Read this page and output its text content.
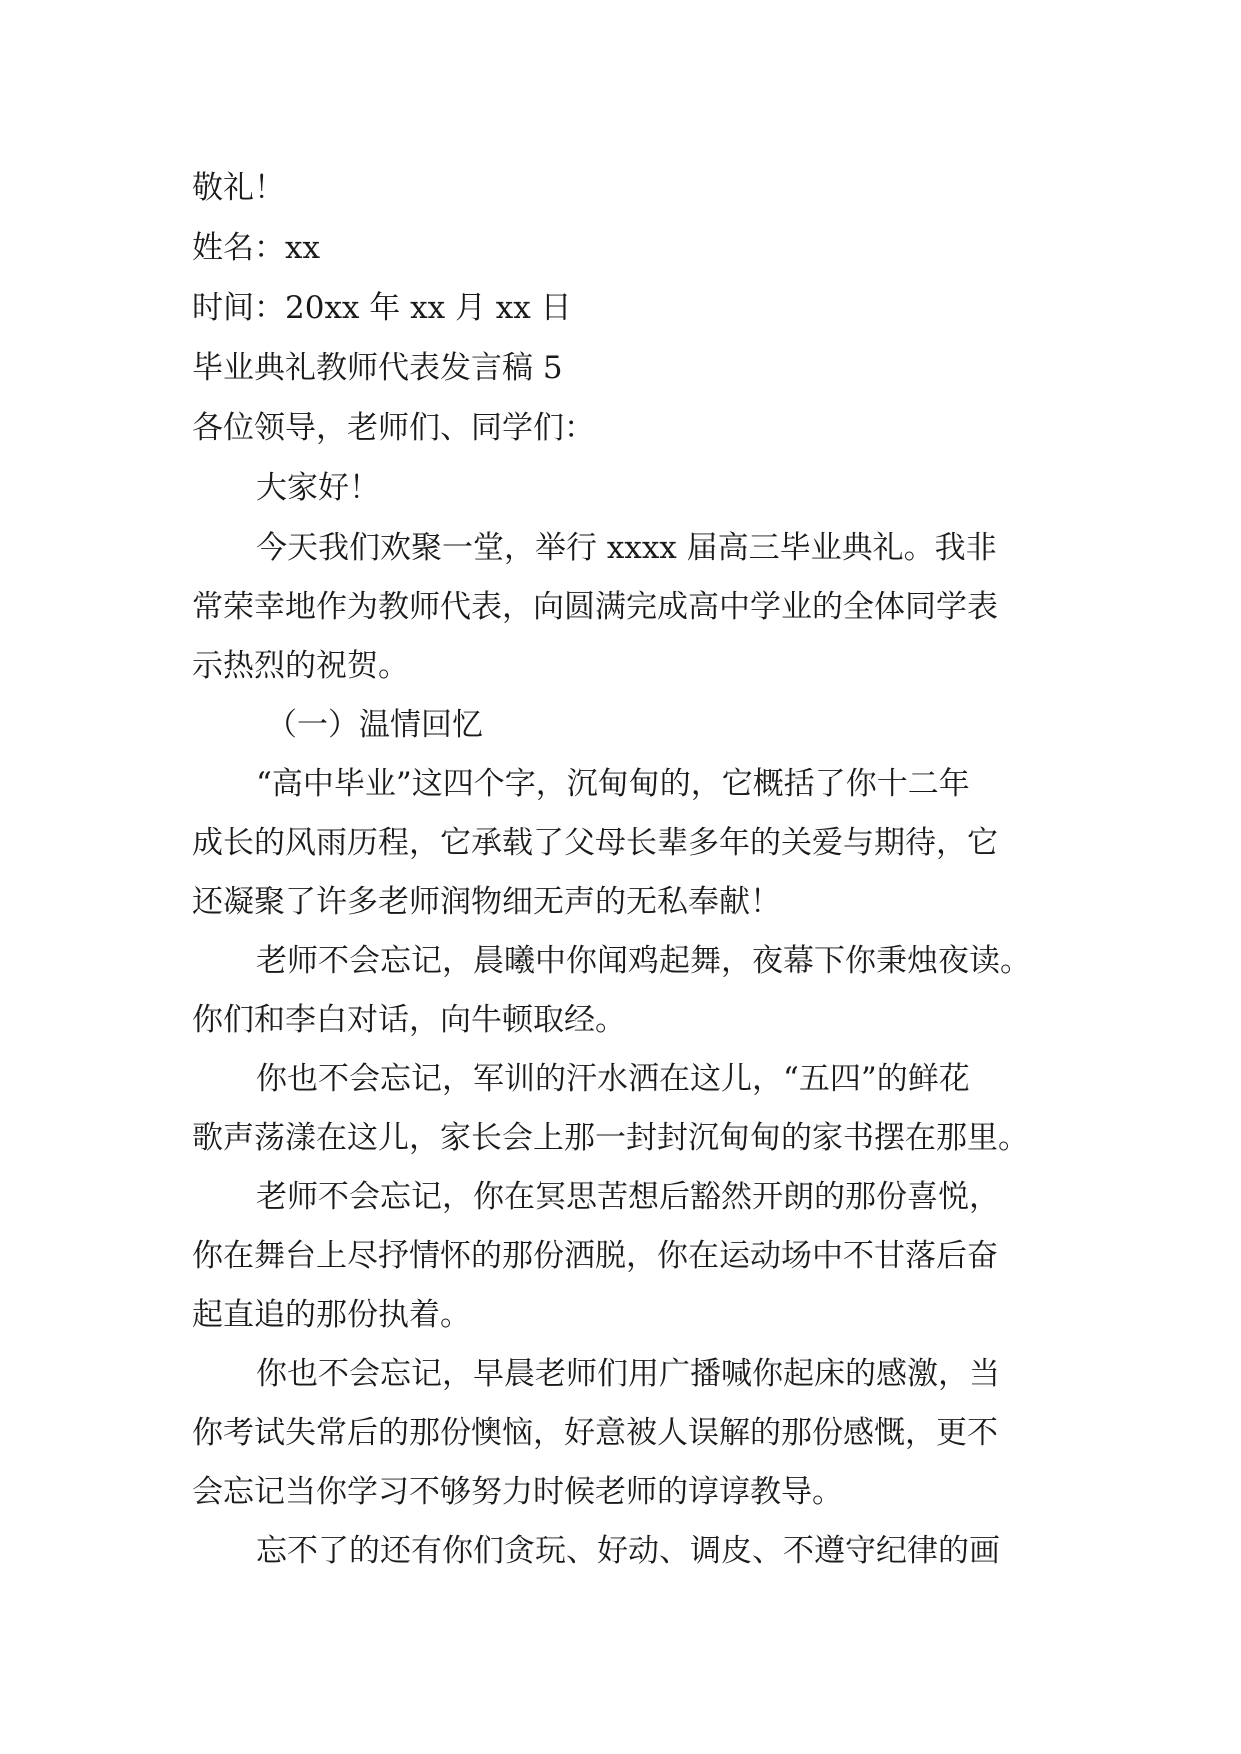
敬礼！
姓名：xx
时间：20xx 年 xx 月 xx 日
毕业典礼教师代表发言稿 5
各位领导，老师们、同学们：
大家好！
今天我们欢聚一堂，举行 xxxx 届高三毕业典礼。我非
常荣幸地作为教师代表，向圆满完成高中学业的全体同学表
示热烈的祝贺。
（一）温情回忆
“高中毕业”这四个字，沉甸甸的，它概括了你十二年
成长的风雨历程，它承载了父母长辈多年的关爱与期待，它
还凝聚了许多老师润物细无声的无私奉献！
老师不会忘记，晨曦中你闻鸡起舞，夜幕下你秉烛夜读。
你们和李白对话，向牛顿取经。
你也不会忘记，军训的汗水洒在这儿，“五四”的鲜花
歌声荡漾在这儿，家长会上那一封封沉甸甸的家书摆在那里。
老师不会忘记，你在冥思苦想后豁然开朗的那份喜悦，
你在舞台上尽抒情怀的那份洒脱，你在运动场中不甘落后奋
起直追的那份执着。
你也不会忘记，早晨老师们用广播喊你起床的感激，当
你考试失常后的那份懊恼，好意被人误解的那份感慨，更不
会忘记当你学习不够努力时候老师的谆谆教导。
忘不了的还有你们贪玩、好动、调皮、不遵守纪律的画
